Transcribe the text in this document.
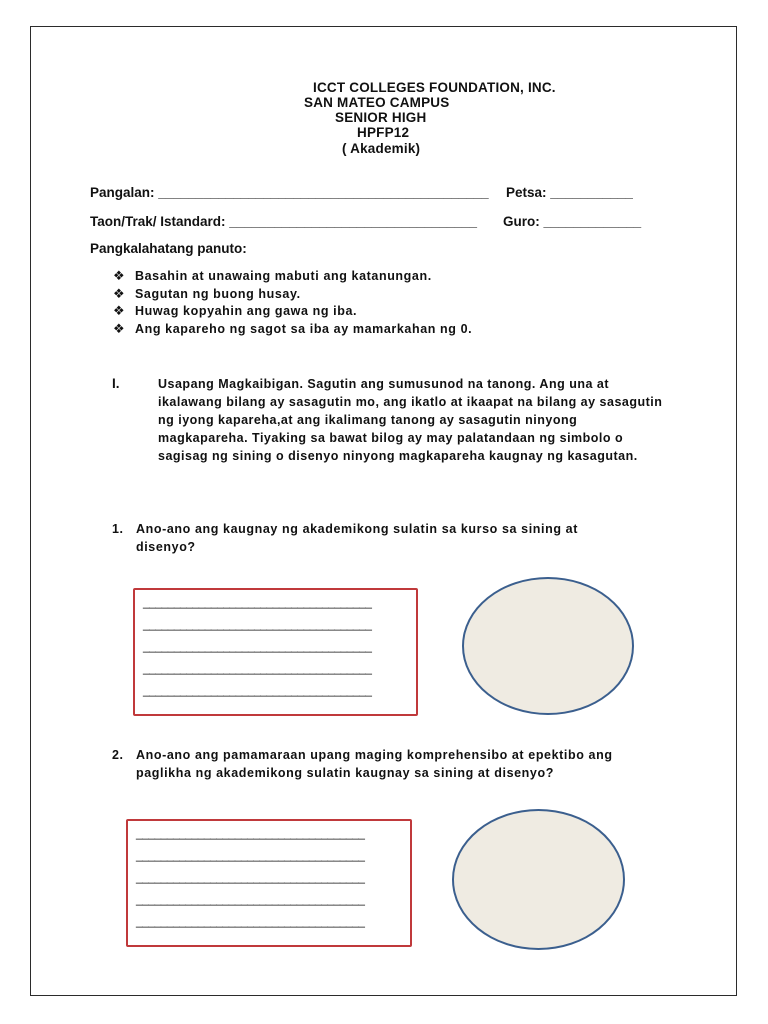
ICCT COLLEGES FOUNDATION, INC.
SAN MATEO CAMPUS
SENIOR HIGH
HPFP12
( Akademik)
Pangalan: ____________________________________________ Petsa: ___________
Taon/Trak/ Istandard: _________________________________ Guro: _____________
Pangkalahatang panuto:
❖ Basahin at unawaing mabuti ang katanungan.
❖ Sagutan ng buong husay.
❖ Huwag kopyahin ang gawa ng iba.
❖ Ang kapareho ng sagot sa iba ay mamarkahan ng 0.
I.	Usapang Magkaibigan. Sagutin ang sumusunod na tanong. Ang una at ikalawang bilang ay sasagutin mo, ang ikatlo at ikaapat na bilang ay sasagutin ng iyong kapareha,at ang ikalimang tanong ay sasagutin ninyong magkapareha. Tiyaking sa bawat bilog ay may palatandaan ng simbolo o sagisag ng sining o disenyo ninyong magkapareha kaugnay ng kasagutan.
1. Ano-ano ang kaugnay ng akademikong sulatin sa kurso sa sining at
disenyo?
_____________________________________
_____________________________________
_____________________________________
_____________________________________
_____________________________________
2. Ano-ano ang pamamaraan upang maging komprehensibo at epektibo ang
paglikha ng akademikong sulatin kaugnay sa sining at disenyo?
_____________________________________
_____________________________________
_____________________________________
_____________________________________
_____________________________________
